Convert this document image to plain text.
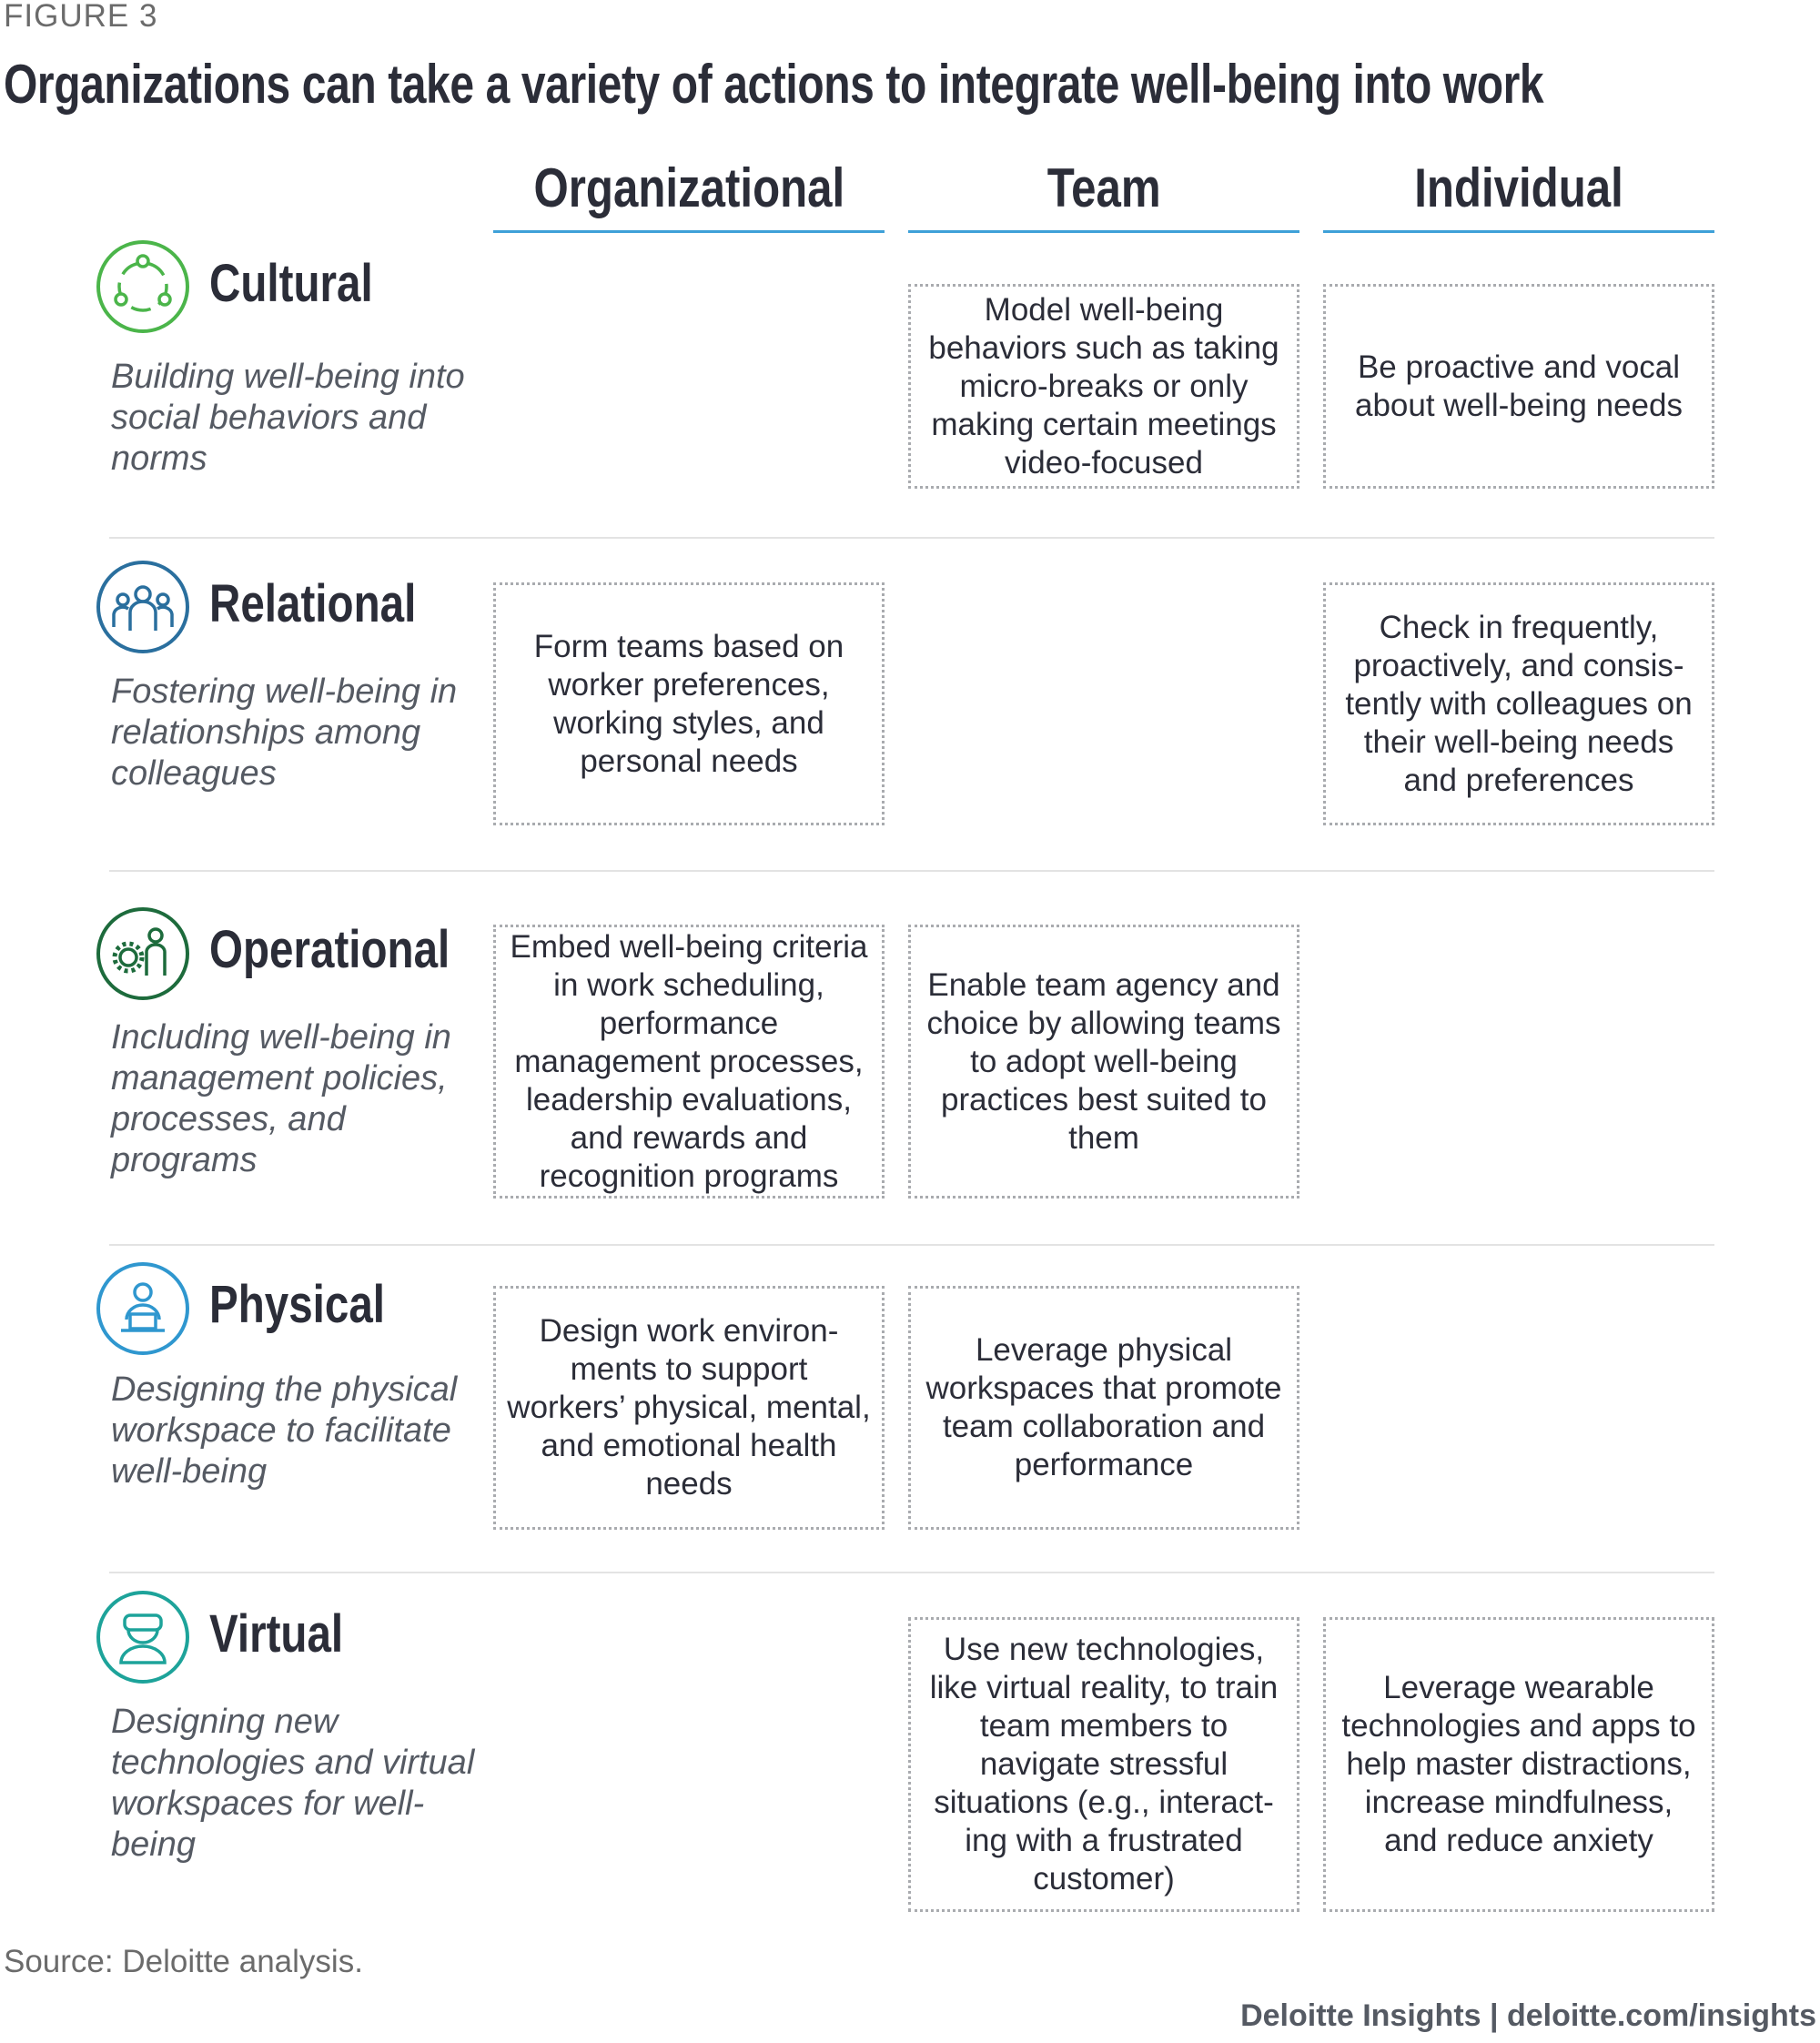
FIGURE 3
Organizations can take a variety of actions to integrate well-being into work
Organizational	Team	Individual
Cultural
Building well-being into social behaviors and norms
Model well-being behaviors such as taking micro-breaks or only making certain meetings video-focused
Be proactive and vocal about well-being needs
Relational
Fostering well-being in relationships among colleagues
Form teams based on worker preferences, working styles, and personal needs
Check in frequently, proactively, and consis- tently with colleagues on their well-being needs and preferences
Operational
Including well-being in management policies, processes, and programs
Embed well-being criteria in work scheduling, performance management processes, leadership evaluations, and rewards and recognition programs
Enable team agency and choice by allowing teams to adopt well-being practices best suited to them
Physical
Designing the physical workspace to facilitate well-being
Design work environ- ments to support workers’ physical, mental, and emotional health needs
Leverage physical workspaces that promote team collaboration and performance
Virtual
Designing new technologies and virtual workspaces for well-being
Use new technologies, like virtual reality, to train team members to navigate stressful situations (e.g., interact- ing with a frustrated customer)
Leverage wearable technologies and apps to help master distractions, increase mindfulness, and reduce anxiety
Source: Deloitte analysis.
Deloitte Insights | deloitte.com/insights
